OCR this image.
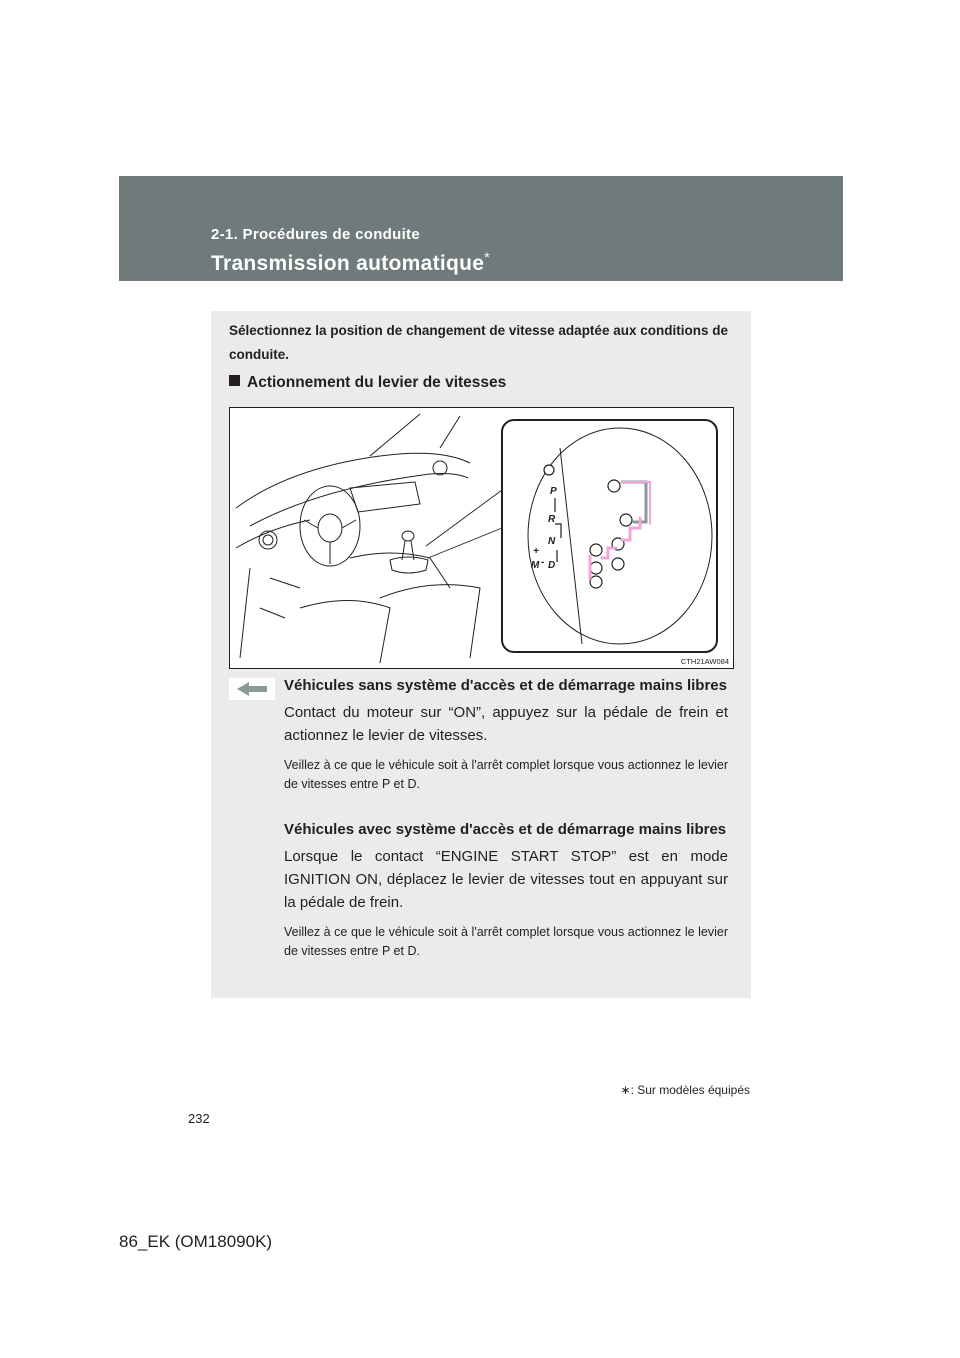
2-1. Procédures de conduite
Transmission automatique*
Sélectionnez la position de changement de vitesse adaptée aux conditions de conduite.
Actionnement du levier de vitesses
P
R
N
D
M
+
-
CTH21AW084
Véhicules sans système d'accès et de démarrage mains libres
Contact du moteur sur “ON”, appuyez sur la pédale de frein et actionnez le levier de vitesses.
Veillez à ce que le véhicule soit à l'arrêt complet lorsque vous actionnez le levier de vitesses entre P et D.
Véhicules avec système d'accès et de démarrage mains libres
Lorsque le contact “ENGINE START STOP” est en mode IGNITION ON, déplacez le levier de vitesses tout en appuyant sur la pédale de frein.
Veillez à ce que le véhicule soit à l'arrêt complet lorsque vous actionnez le levier de vitesses entre P et D.
∗: Sur modèles équipés
232
86_EK (OM18090K)
